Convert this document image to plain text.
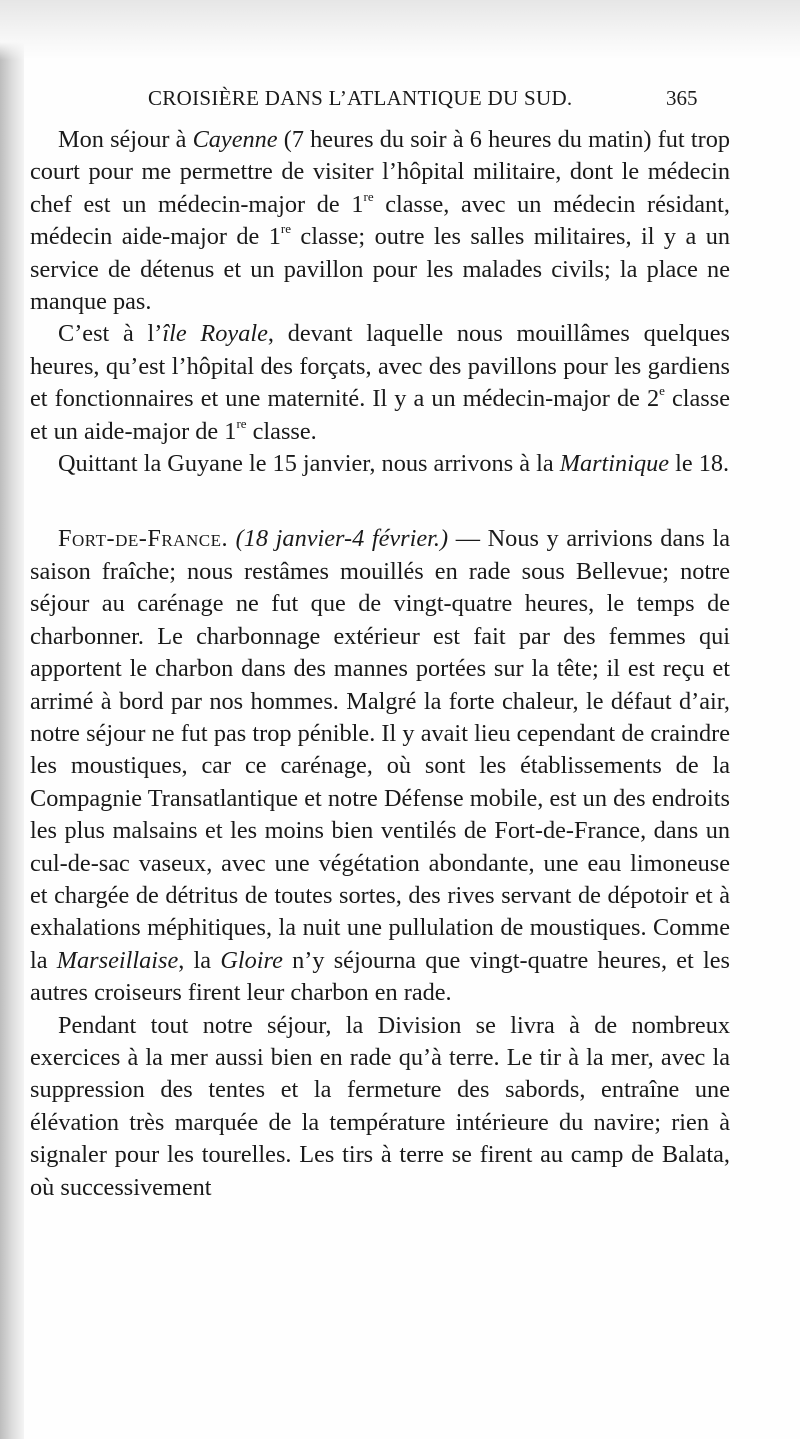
CROISIÈRE DANS L’ATLANTIQUE DU SUD.	365

Mon séjour à Cayenne (7 heures du soir à 6 heures du matin) fut trop court pour me permettre de visiter l’hôpital militaire, dont le médecin chef est un médecin-major de 1re classe, avec un médecin résidant, médecin aide-major de 1re classe; outre les salles militaires, il y a un service de détenus et un pavillon pour les malades civils; la place ne manque pas.

C’est à l’île Royale, devant laquelle nous mouillâmes quelques heures, qu’est l’hôpital des forçats, avec des pavillons pour les gardiens et fonctionnaires et une maternité. Il y a un médecin-major de 2e classe et un aide-major de 1re classe.

Quittant la Guyane le 15 janvier, nous arrivons à la Martinique le 18.

Fort-de-France. (18 janvier-4 février.) — Nous y arrivions dans la saison fraîche; nous restâmes mouillés en rade sous Bellevue; notre séjour au carénage ne fut que de vingt-quatre heures, le temps de charbonner. Le charbonnage extérieur est fait par des femmes qui apportent le charbon dans des mannes portées sur la tête; il est reçu et arrimé à bord par nos hommes. Malgré la forte chaleur, le défaut d’air, notre séjour ne fut pas trop pénible. Il y avait lieu cependant de craindre les moustiques, car ce carénage, où sont les établissements de la Compagnie Transatlantique et notre Défense mobile, est un des endroits les plus malsains et les moins bien ventilés de Fort-de-France, dans un cul-de-sac vaseux, avec une végétation abondante, une eau limoneuse et chargée de détritus de toutes sortes, des rives servant de dépotoir et à exhalations méphitiques, la nuit une pullulation de moustiques. Comme la Marseillaise, la Gloire n’y séjourna que vingt-quatre heures, et les autres croiseurs firent leur charbon en rade.

Pendant tout notre séjour, la Division se livra à de nombreux exercices à la mer aussi bien en rade qu’à terre. Le tir à la mer, avec la suppression des tentes et la fermeture des sabords, entraîne une élévation très marquée de la température intérieure du navire; rien à signaler pour les tourelles. Les tirs à terre se firent au camp de Balata, où successivement
